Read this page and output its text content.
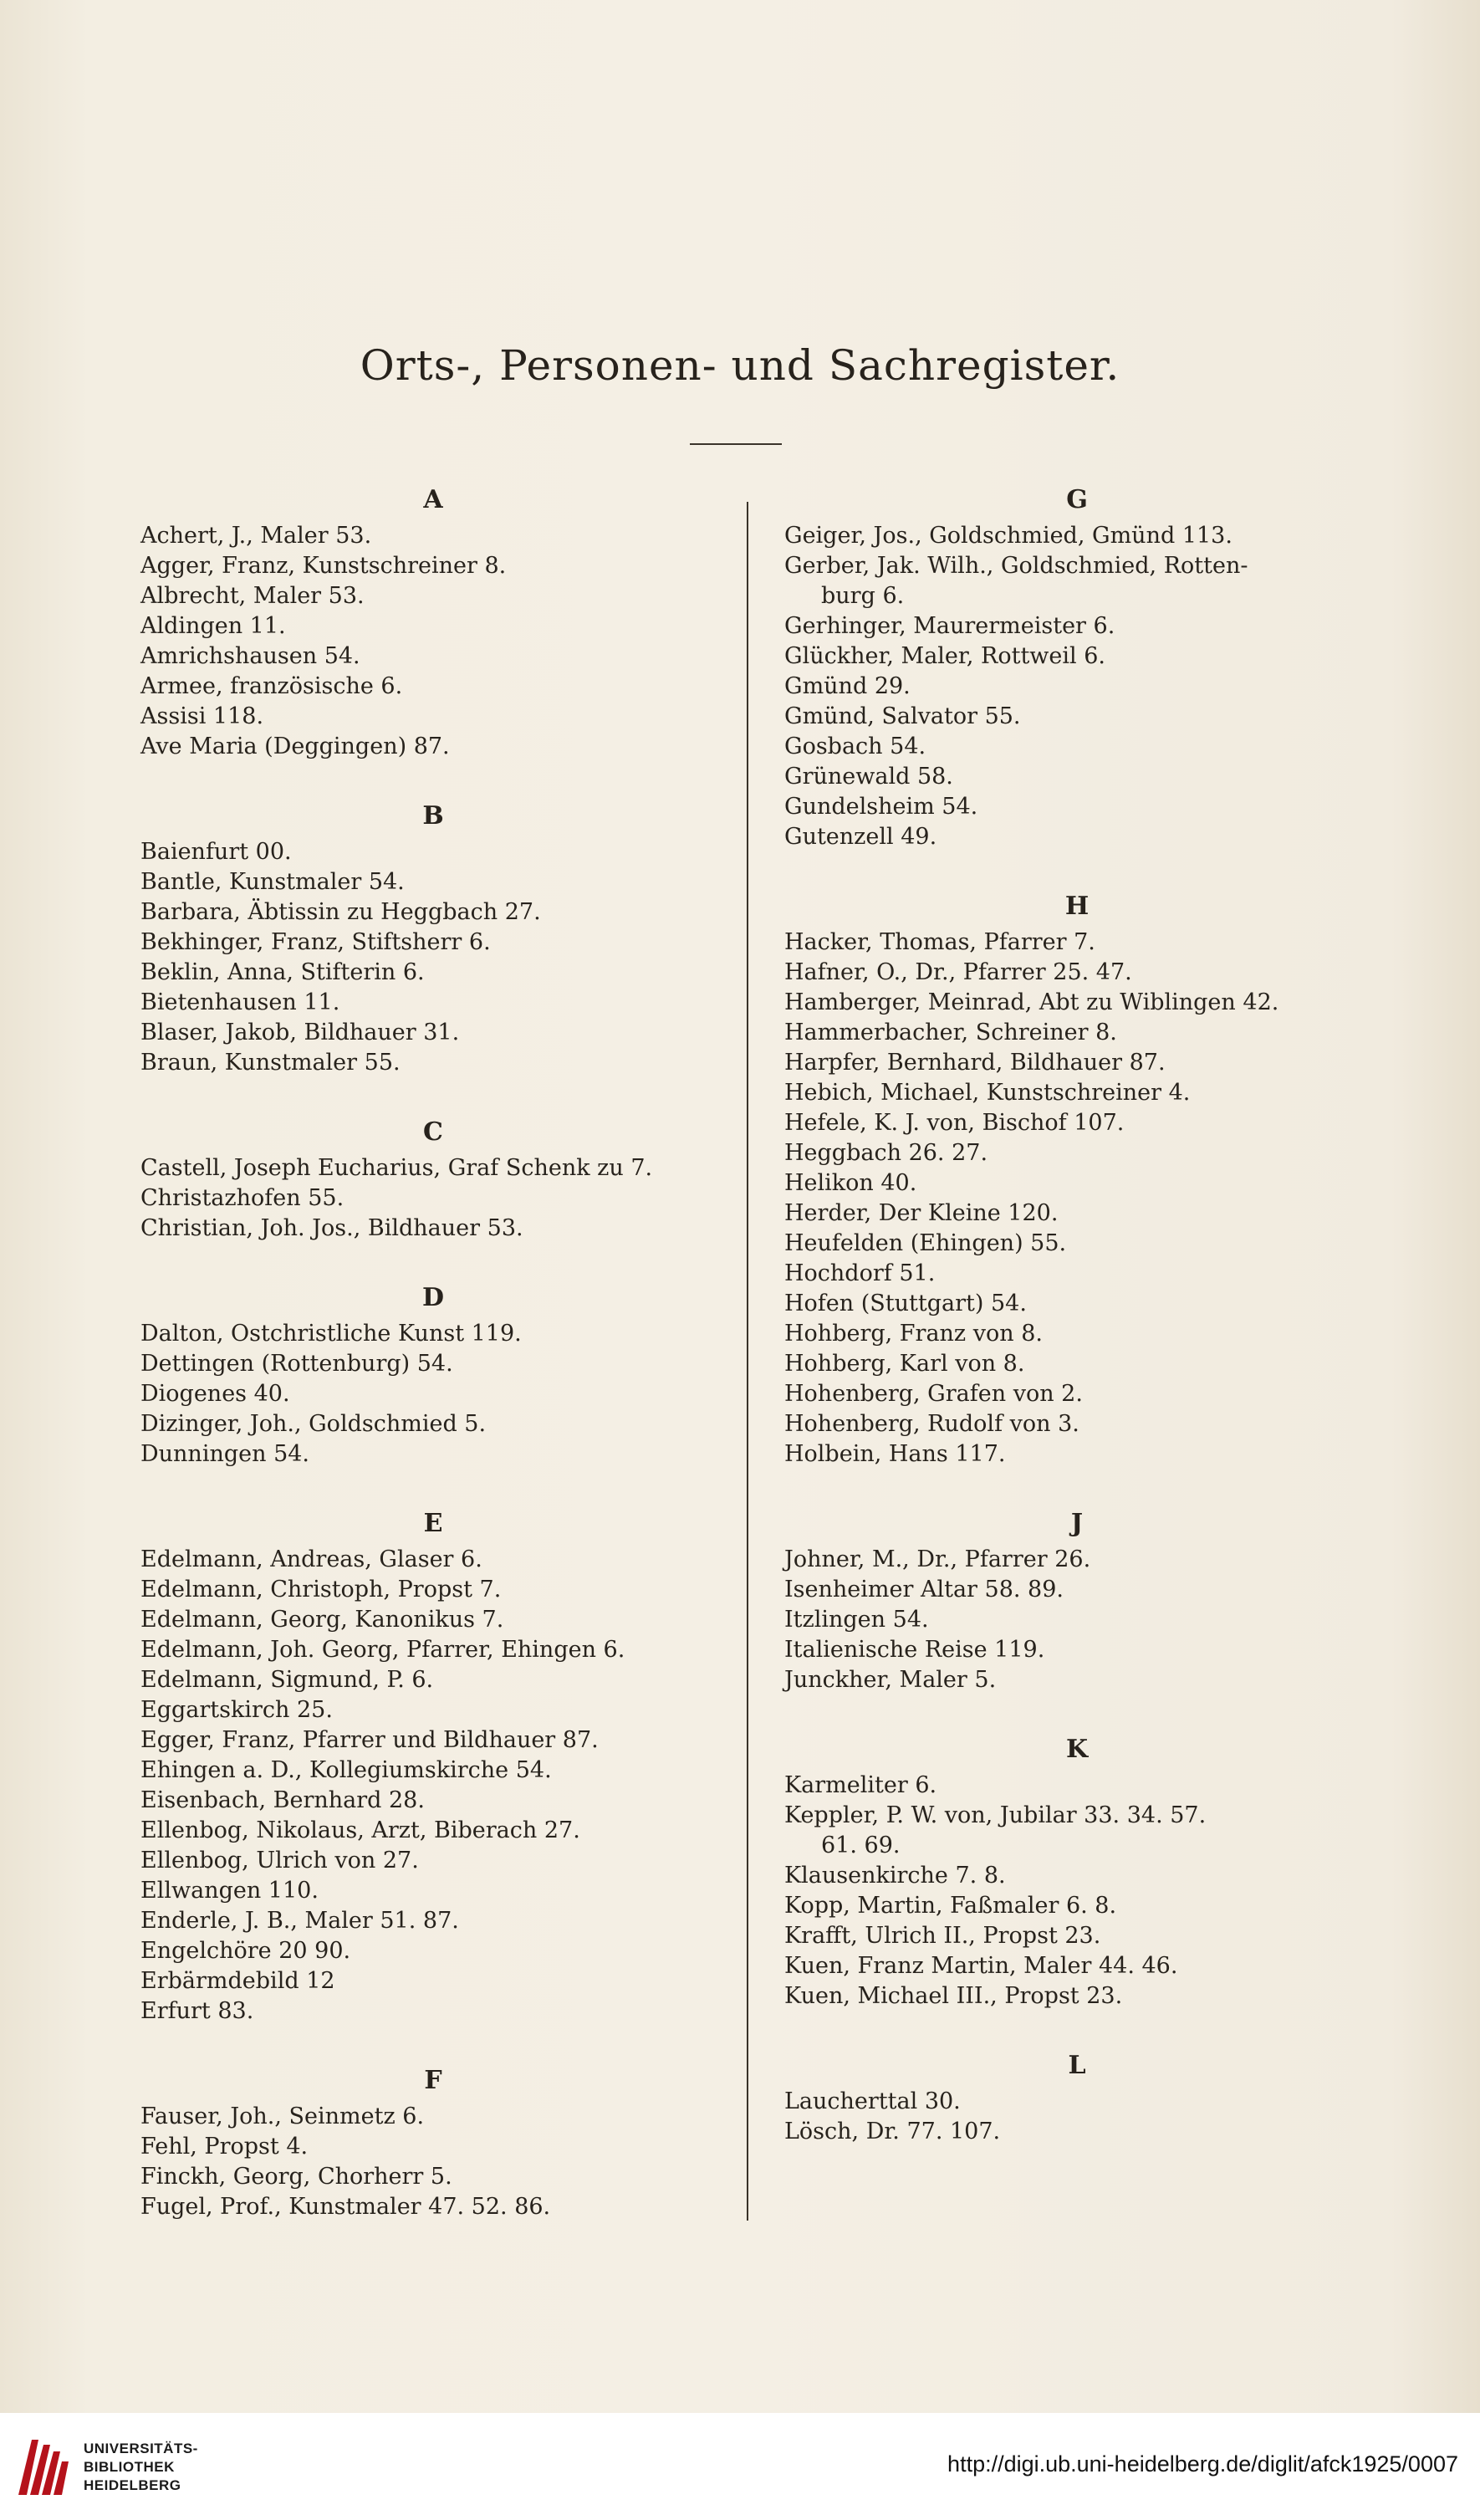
Orts-, Personen- und Sachregister.
A
Achert, J., Maler 53.
Agger, Franz, Kunstschreiner 8.
Albrecht, Maler 53.
Aldingen 11.
Amrichshausen 54.
Armee, französische 6.
Assisi 118.
Ave Maria (Deggingen) 87.
B
Baienfurt 00.
Bantle, Kunstmaler 54.
Barbara, Äbtissin zu Heggbach 27.
Bekhinger, Franz, Stiftsherr 6.
Beklin, Anna, Stifterin 6.
Bietenhausen 11.
Blaser, Jakob, Bildhauer 31.
Braun, Kunstmaler 55.
C
Castell, Joseph Eucharius, Graf Schenk zu 7.
Christazhofen 55.
Christian, Joh. Jos., Bildhauer 53.
D
Dalton, Ostchristliche Kunst 119.
Dettingen (Rottenburg) 54.
Diogenes 40.
Dizinger, Joh., Goldschmied 5.
Dunningen 54.
E
Edelmann, Andreas, Glaser 6.
Edelmann, Christoph, Propst 7.
Edelmann, Georg, Kanonikus 7.
Edelmann, Joh. Georg, Pfarrer, Ehingen 6.
Edelmann, Sigmund, P. 6.
Eggartskirch 25.
Egger, Franz, Pfarrer und Bildhauer 87.
Ehingen a. D., Kollegiumskirche 54.
Eisenbach, Bernhard 28.
Ellenbog, Nikolaus, Arzt, Biberach 27.
Ellenbog, Ulrich von 27.
Ellwangen 110.
Enderle, J. B., Maler 51. 87.
Engelchöre 20 90.
Erbärmdebild 12
Erfurt 83.
F
Fauser, Joh., Seinmetz 6.
Fehl, Propst 4.
Finckh, Georg, Chorherr 5.
Fugel, Prof., Kunstmaler 47. 52. 86.
G
Geiger, Jos., Goldschmied, Gmünd 113.
Gerber, Jak. Wilh., Goldschmied, Rotten-
burg 6.
Gerhinger, Maurermeister 6.
Glückher, Maler, Rottweil 6.
Gmünd 29.
Gmünd, Salvator 55.
Gosbach 54.
Grünewald 58.
Gundelsheim 54.
Gutenzell 49.
H
Hacker, Thomas, Pfarrer 7.
Hafner, O., Dr., Pfarrer 25. 47.
Hamberger, Meinrad, Abt zu Wiblingen 42.
Hammerbacher, Schreiner 8.
Harpfer, Bernhard, Bildhauer 87.
Hebich, Michael, Kunstschreiner 4.
Hefele, K. J. von, Bischof 107.
Heggbach 26. 27.
Helikon 40.
Herder, Der Kleine 120.
Heufelden (Ehingen) 55.
Hochdorf 51.
Hofen (Stuttgart) 54.
Hohberg, Franz von 8.
Hohberg, Karl von 8.
Hohenberg, Grafen von 2.
Hohenberg, Rudolf von 3.
Holbein, Hans 117.
J
Johner, M., Dr., Pfarrer 26.
Isenheimer Altar 58. 89.
Itzlingen 54.
Italienische Reise 119.
Junckher, Maler 5.
K
Karmeliter 6.
Keppler, P. W. von, Jubilar 33. 34. 57.
61. 69.
Klausenkirche 7. 8.
Kopp, Martin, Faßmaler 6. 8.
Krafft, Ulrich II., Propst 23.
Kuen, Franz Martin, Maler 44. 46.
Kuen, Michael III., Propst 23.
L
Laucherttal 30.
Lösch, Dr. 77. 107.
UNIVERSITÄTS-
BIBLIOTHEK
HEIDELBERG
http://digi.ub.uni-heidelberg.de/diglit/afck1925/0007
